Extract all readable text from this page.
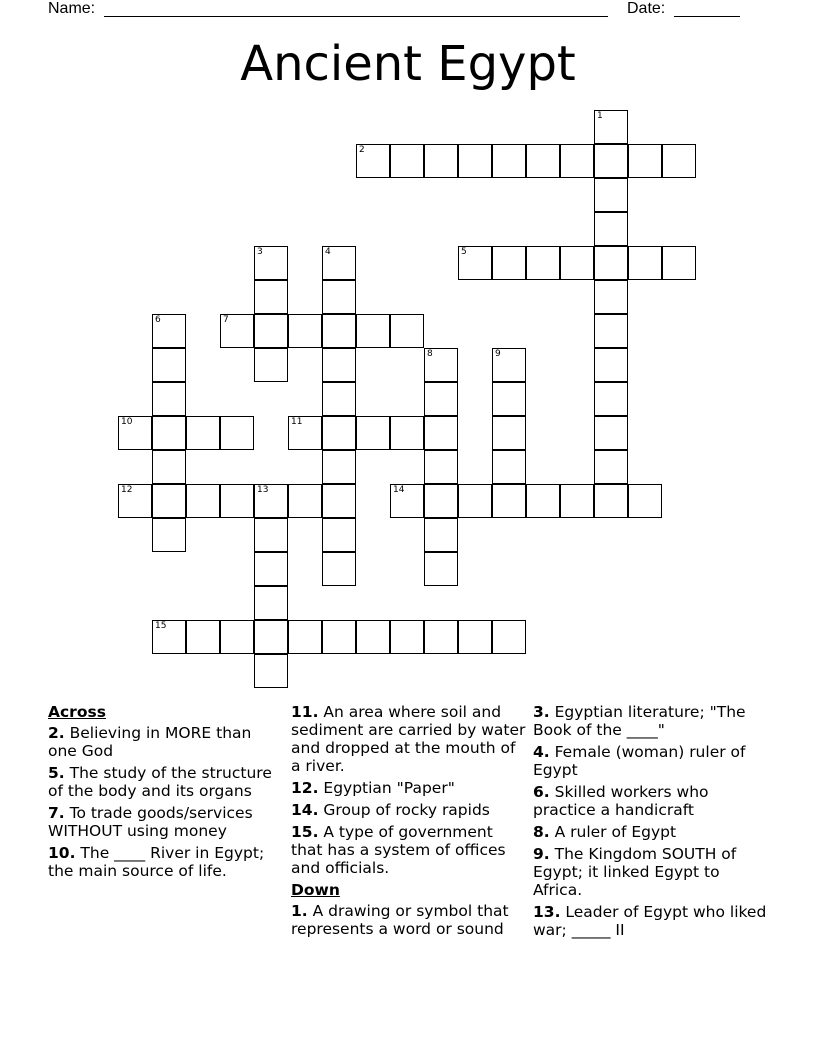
Name:	Date:
Ancient Egypt
1
2
3	4	5
6	7
8	9
10	11
12	13	14
15
Across
2. Believing in MORE than one God
5. The study of the structure of the body and its organs
7. To trade goods/services WITHOUT using money
10. The ____ River in Egypt; the main source of life.
11. An area where soil and sediment are carried by water and dropped at the mouth of a river.
12. Egyptian "Paper"
14. Group of rocky rapids
15. A type of government that has a system of offices and officials.
Down
1. A drawing or symbol that represents a word or sound
3. Egyptian literature; "The Book of the ____"
4. Female (woman) ruler of Egypt
6. Skilled workers who practice a handicraft
8. A ruler of Egypt
9. The Kingdom SOUTH of Egypt; it linked Egypt to Africa.
13. Leader of Egypt who liked war; _____ II
